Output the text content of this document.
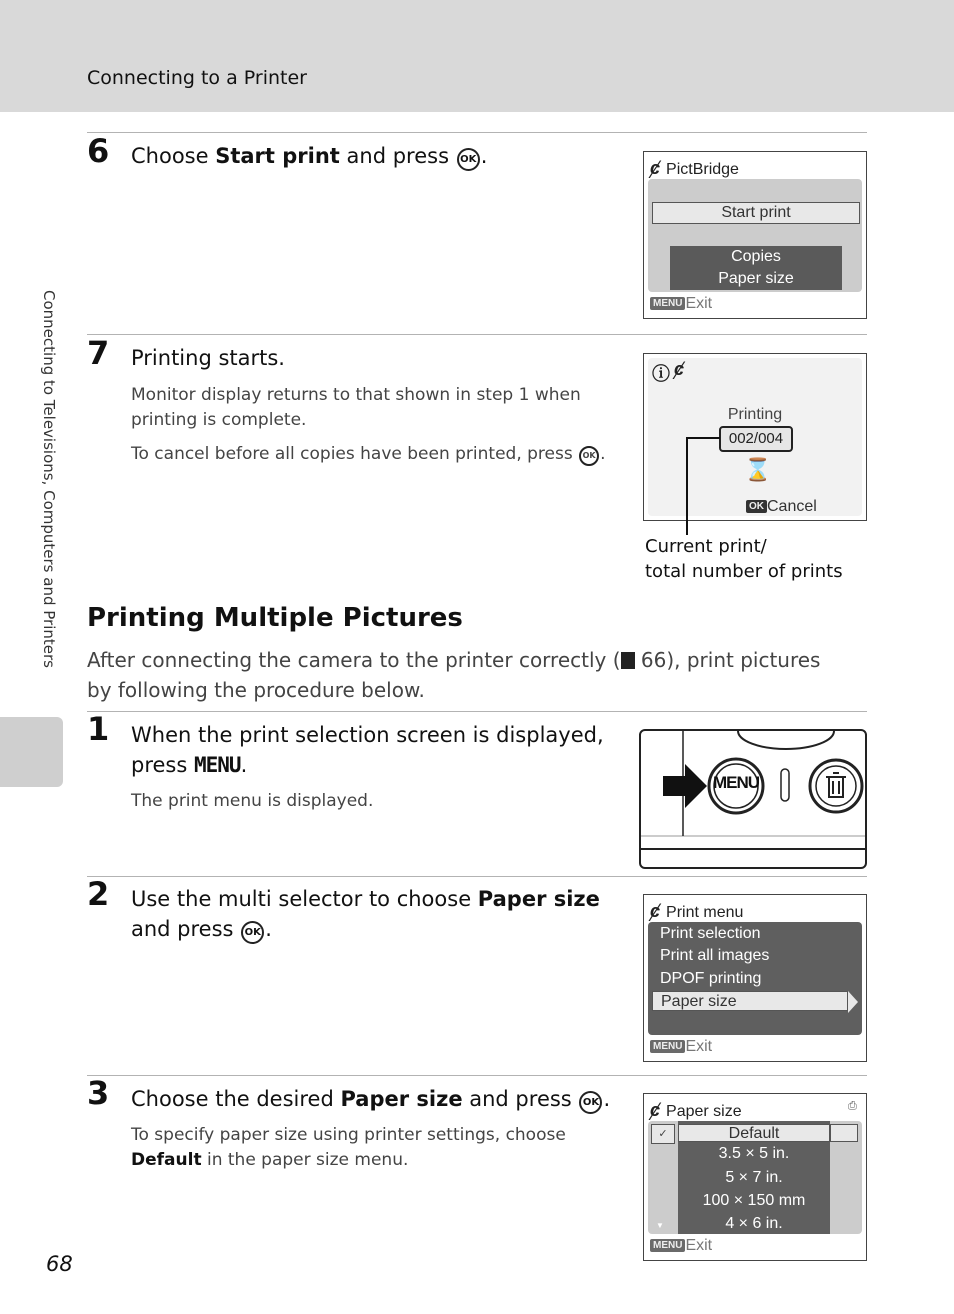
Connecting to a Printer
Connecting to Televisions, Computers and Printers
6 Choose Start print and press OK .	ȼ PictBridge
Start print
Copies
Paper size
MENU Exit
7 Printing starts.
Monitor display returns to that shown in step 1 when printing is complete.
To cancel before all copies have been printed, press OK .
ⓘ ȼ
Printing
002/004
⌛
OK Cancel
Current print/
total number of prints
Printing Multiple Pictures
After connecting the camera to the printer correctly ( 66), print pictures by following the procedure below.
1 When the print selection screen is displayed, press MENU.
The print menu is displayed.
MENU
2 Use the multi selector to choose Paper size and press OK .
ȼ Print menu
Print selection
Print all images
DPOF printing
Paper size
MENU Exit
3 Choose the desired Paper size and press OK .
To specify paper size using printer settings, choose Default in the paper size menu.
ȼ Paper size	⎙
✓	Default
3.5 × 5 in.
5 × 7 in.
100 × 150 mm
4 × 6 in.
▼
MENU Exit
68
